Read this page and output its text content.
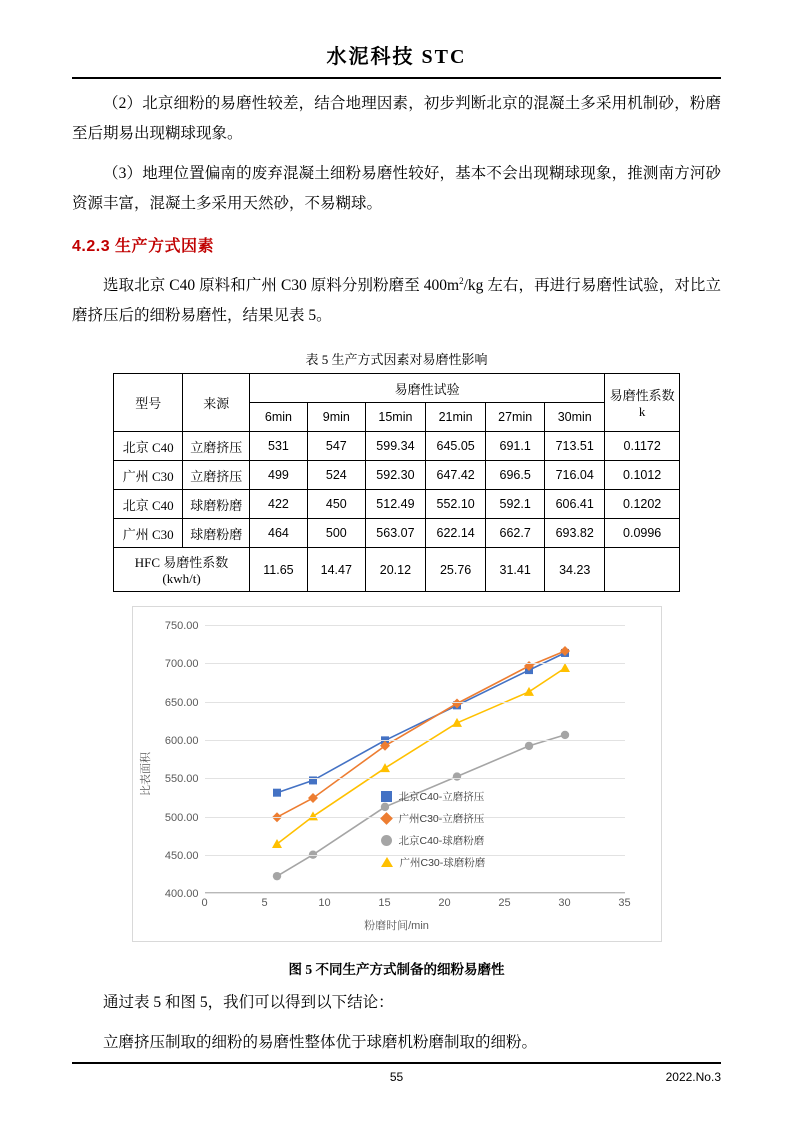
水泥科技 STC

（2）北京细粉的易磨性较差，结合地理因素，初步判断北京的混凝土多采用机制砂，粉磨至后期易出现糊球现象。

（3）地理位置偏南的废弃混凝土细粉易磨性较好，基本不会出现糊球现象，推测南方河砂资源丰富，混凝土多采用天然砂，不易糊球。

4.2.3 生产方式因素

选取北京 C40 原料和广州 C30 原料分别粉磨至 $400m^2/kg$ 左右，再进行易磨性试验，对比立磨挤压后的细粉易磨性，结果见表 5。

表 5 生产方式因素对易磨性影响
型号	来源	易磨性试验						易磨性系数 k
		6min	9min	15min	21min	27min	30min	
北京 C40	立磨挤压	531	547	599.34	645.05	691.1	713.51	0.1172
广州 C30	立磨挤压	499	524	592.30	647.42	696.5	716.04	0.1012
北京 C40	球磨粉磨	422	450	512.49	552.10	592.1	606.41	0.1202
广州 C30	球磨粉磨	464	500	563.07	622.14	662.7	693.82	0.0996
HFC 易磨性系数(kwh/t)		11.65	14.47	20.12	25.76	31.41	34.23	
比表面积
粉磨时间/min
400.00
450.00
500.00
550.00
600.00
650.00
700.00
750.00
0	5	10	15	20	25	30	35
北京C40-立磨挤压
广州C30-立磨挤压
北京C40-球磨粉磨
广州C30-球磨粉磨
图 5 不同生产方式制备的细粉易磨性

通过表 5 和图 5，我们可以得到以下结论：

立磨挤压制取的细粉的易磨性整体优于球磨机粉磨制取的细粉。

55	2022.No.3
